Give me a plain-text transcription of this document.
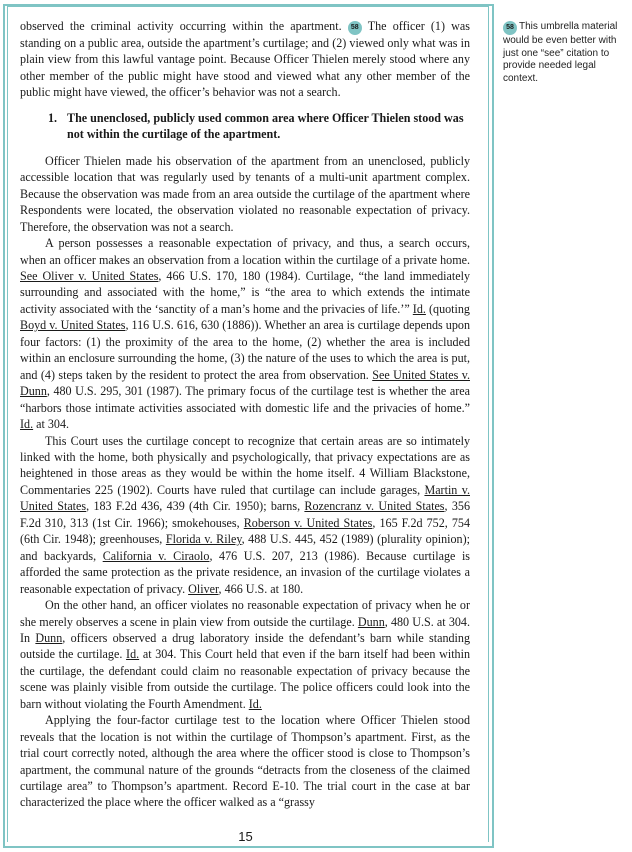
observed the criminal activity occurring within the apartment. 58 The officer (1) was standing on a public area, outside the apartment’s curtilage; and (2) viewed only what was in plain view from this lawful vantage point. Because Officer Thielen merely stood where any other member of the public might have stood and viewed what any other member of the public might have viewed, the officer’s behavior was not a search.

1. The unenclosed, publicly used common area where Officer Thielen stood was not within the curtilage of the apartment.

Officer Thielen made his observation of the apartment from an unenclosed, publicly accessible location that was regularly used by tenants of a multi-unit apartment complex. Because the observation was made from an area outside the curtilage of the apartment where Respondents were located, the observation violated no reasonable expectation of privacy. Therefore, the observation was not a search.

A person possesses a reasonable expectation of privacy, and thus, a search occurs, when an officer makes an observation from a location within the curtilage of a private home. See Oliver v. United States, 466 U.S. 170, 180 (1984). Curtilage, “the land immediately surrounding and associated with the home,” is “the area to which extends the intimate activity associated with the ‘sanctity of a man’s home and the privacies of life.’” Id. (quoting Boyd v. United States, 116 U.S. 616, 630 (1886)). Whether an area is curtilage depends upon four factors: (1) the proximity of the area to the home, (2) whether the area is included within an enclosure surrounding the home, (3) the nature of the uses to which the area is put, and (4) steps taken by the resident to protect the area from observation. See United States v. Dunn, 480 U.S. 295, 301 (1987). The primary focus of the curtilage test is whether the area “harbors those intimate activities associated with domestic life and the privacies of home.” Id. at 304.

This Court uses the curtilage concept to recognize that certain areas are so intimately linked with the home, both physically and psychologically, that privacy expectations are as heightened in those areas as they would be within the home itself. 4 William Blackstone, Commentaries 225 (1902). Courts have ruled that curtilage can include garages, Martin v. United States, 183 F.2d 436, 439 (4th Cir. 1950); barns, Rozencranz v. United States, 356 F.2d 310, 313 (1st Cir. 1966); smokehouses, Roberson v. United States, 165 F.2d 752, 754 (6th Cir. 1948); greenhouses, Florida v. Riley, 488 U.S. 445, 452 (1989) (plurality opinion); and backyards, California v. Ciraolo, 476 U.S. 207, 213 (1986). Because curtilage is afforded the same protection as the private residence, an invasion of the curtilage violates a reasonable expectation of privacy. Oliver, 466 U.S. at 180.

On the other hand, an officer violates no reasonable expectation of privacy when he or she merely observes a scene in plain view from outside the curtilage. Dunn, 480 U.S. at 304. In Dunn, officers observed a drug laboratory inside the defendant’s barn while standing outside the curtilage. Id. at 304. This Court held that even if the barn itself had been within the curtilage, the defendant could claim no reasonable expectation of privacy because the scene was plainly visible from outside the curtilage. The police officers could look into the barn without violating the Fourth Amendment. Id.

Applying the four-factor curtilage test to the location where Officer Thielen stood reveals that the location is not within the curtilage of Thompson’s apartment. First, as the trial court correctly noted, although the area where the officer stood is close to Thompson’s apartment, the communal nature of the grounds “detracts from the closeness of the claimed curtilage area” to Thompson’s apartment. Record E-10. The trial court in the case at bar characterized the place where the officer walked as a “grassy

15
58 This umbrella material would be even better with just one “see” citation to provide needed legal context.
